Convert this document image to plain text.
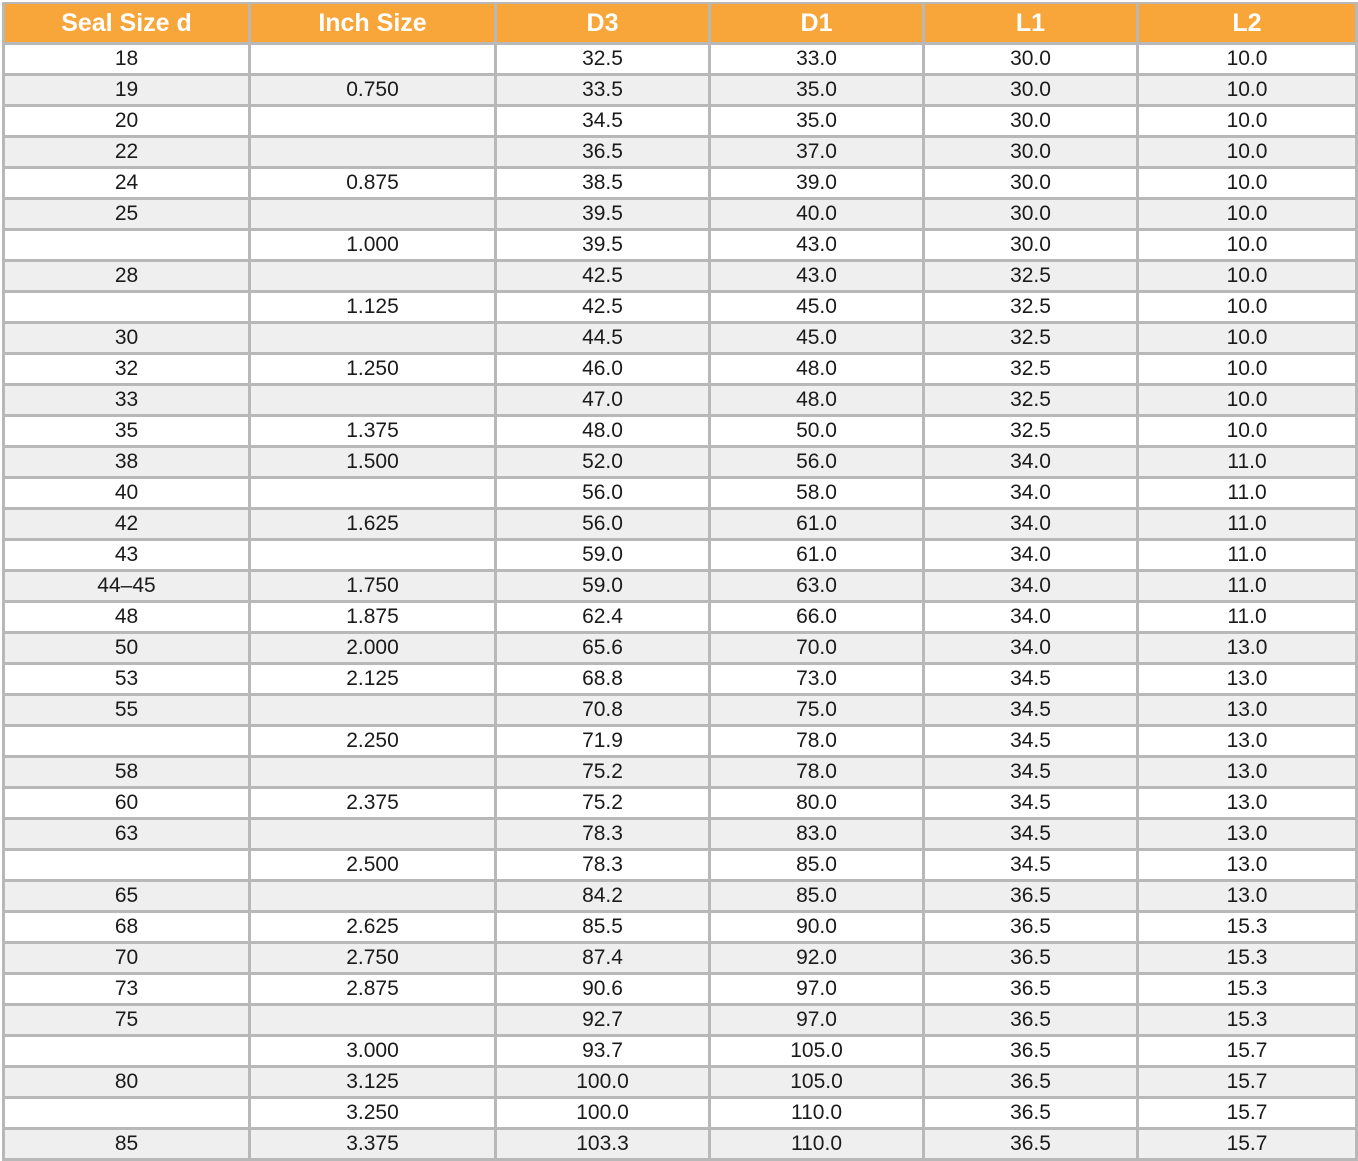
Seal Size d	Inch Size	D3	D1	L1	L2
18		32.5	33.0	30.0	10.0
19	0.750	33.5	35.0	30.0	10.0
20		34.5	35.0	30.0	10.0
22		36.5	37.0	30.0	10.0
24	0.875	38.5	39.0	30.0	10.0
25		39.5	40.0	30.0	10.0
	1.000	39.5	43.0	30.0	10.0
28		42.5	43.0	32.5	10.0
	1.125	42.5	45.0	32.5	10.0
30		44.5	45.0	32.5	10.0
32	1.250	46.0	48.0	32.5	10.0
33		47.0	48.0	32.5	10.0
35	1.375	48.0	50.0	32.5	10.0
38	1.500	52.0	56.0	34.0	11.0
40		56.0	58.0	34.0	11.0
42	1.625	56.0	61.0	34.0	11.0
43		59.0	61.0	34.0	11.0
44–45	1.750	59.0	63.0	34.0	11.0
48	1.875	62.4	66.0	34.0	11.0
50	2.000	65.6	70.0	34.0	13.0
53	2.125	68.8	73.0	34.5	13.0
55		70.8	75.0	34.5	13.0
	2.250	71.9	78.0	34.5	13.0
58		75.2	78.0	34.5	13.0
60	2.375	75.2	80.0	34.5	13.0
63		78.3	83.0	34.5	13.0
	2.500	78.3	85.0	34.5	13.0
65		84.2	85.0	36.5	13.0
68	2.625	85.5	90.0	36.5	15.3
70	2.750	87.4	92.0	36.5	15.3
73	2.875	90.6	97.0	36.5	15.3
75		92.7	97.0	36.5	15.3
	3.000	93.7	105.0	36.5	15.7
80	3.125	100.0	105.0	36.5	15.7
	3.250	100.0	110.0	36.5	15.7
85	3.375	103.3	110.0	36.5	15.7
